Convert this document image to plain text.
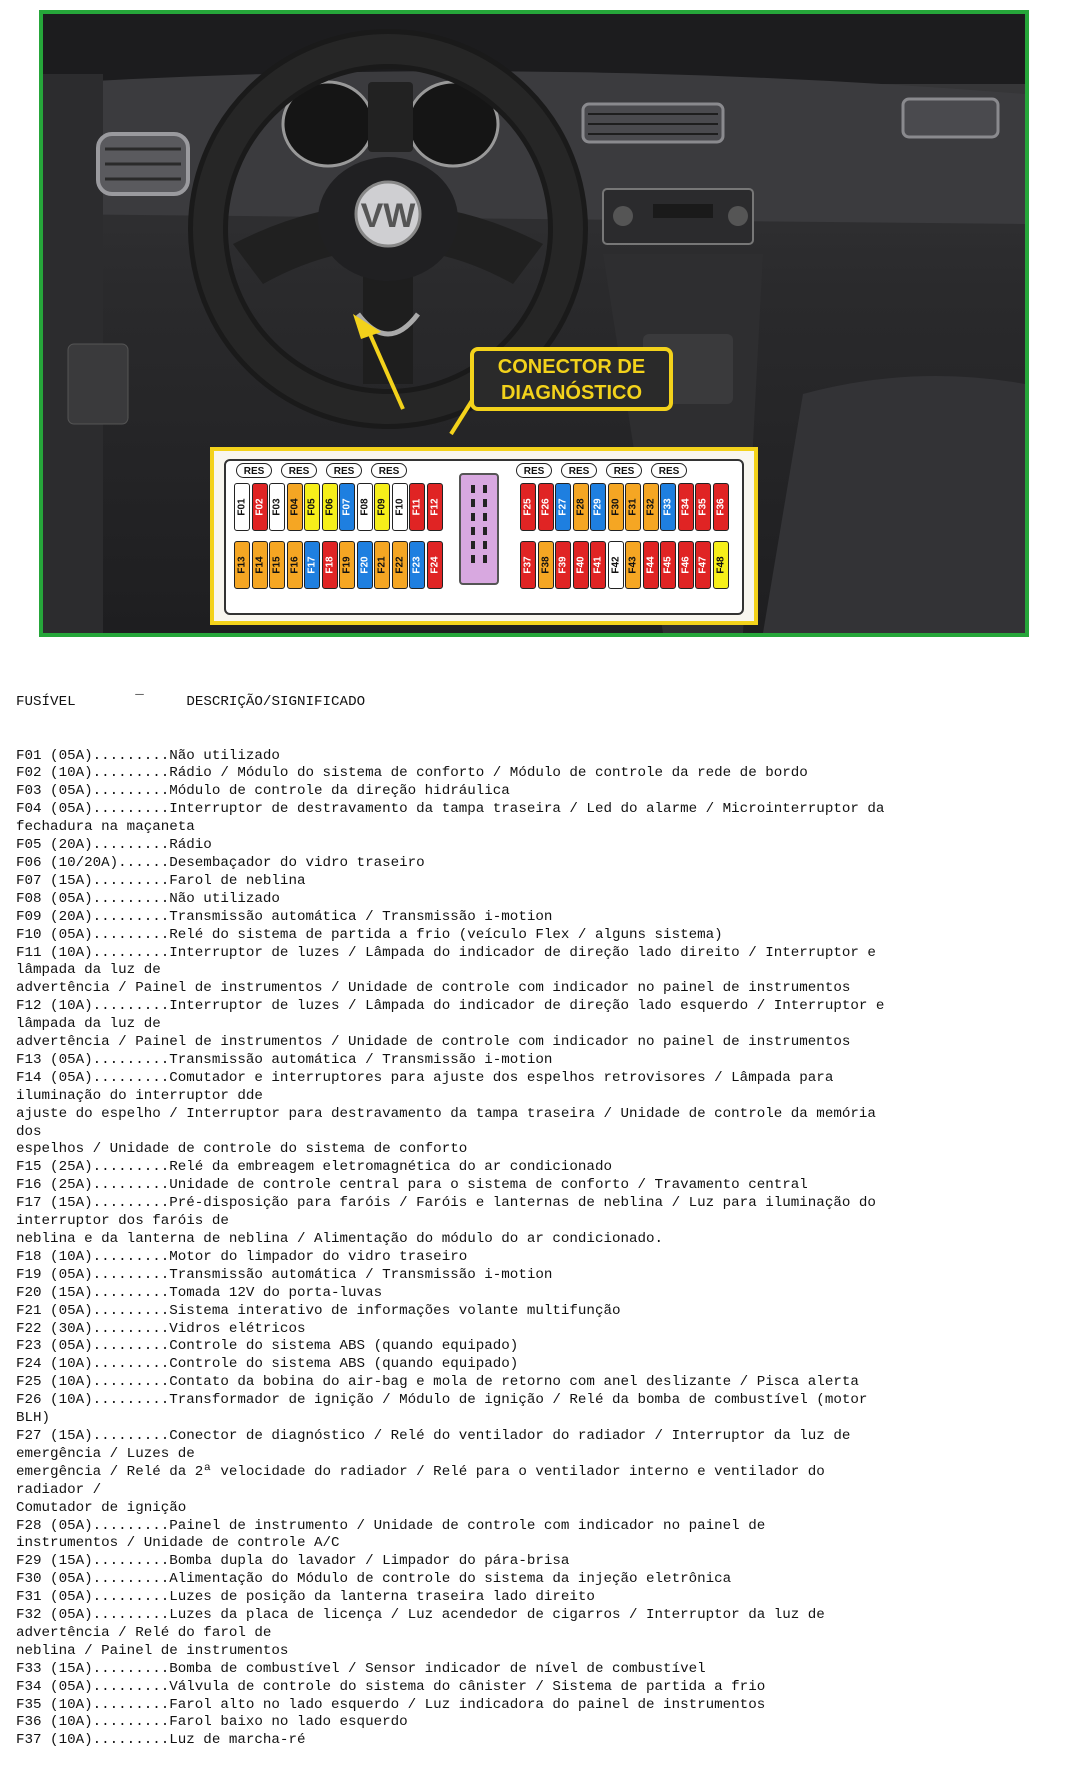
VW
CONECTOR DE
DIAGNÓSTICO
RES	RES	RES	RES	RES	RES	RES	RES
F01 F02 F03 F04 F05 F06 F07 F08 F09 F10 F11 F12
F13 F14 F15 F16 F17 F18 F19 F20 F21 F22 F23 F24
F25 F26 F27 F28 F29 F30 F31 F32 F33 F34 F35 F36
F37 F38 F39 F40 F41 F42 F43 F44 F45 F46 F47 F48

FUSÍVEL	¯	DESCRIÇÃO/SIGNIFICADO

F01 (05A).........Não utilizado
F02 (10A).........Rádio / Módulo do sistema de conforto / Módulo de controle da rede de bordo
F03 (05A).........Módulo de controle da direção hidráulica
F04 (05A).........Interruptor de destravamento da tampa traseira / Led do alarme / Microinterruptor da
fechadura na maçaneta
F05 (20A).........Rádio
F06 (10/20A)......Desembaçador do vidro traseiro
F07 (15A).........Farol de neblina
F08 (05A).........Não utilizado
F09 (20A).........Transmissão automática / Transmissão i-motion
F10 (05A).........Relé do sistema de partida a frio (veículo Flex / alguns sistema)
F11 (10A).........Interruptor de luzes / Lâmpada do indicador de direção lado direito / Interruptor e
lâmpada da luz de
advertência / Painel de instrumentos / Unidade de controle com indicador no painel de instrumentos
F12 (10A).........Interruptor de luzes / Lâmpada do indicador de direção lado esquerdo / Interruptor e
lâmpada da luz de
advertência / Painel de instrumentos / Unidade de controle com indicador no painel de instrumentos
F13 (05A).........Transmissão automática / Transmissão i-motion
F14 (05A).........Comutador e interruptores para ajuste dos espelhos retrovisores / Lâmpada para
iluminação do interruptor dde
ajuste do espelho / Interruptor para destravamento da tampa traseira / Unidade de controle da memória
dos
espelhos / Unidade de controle do sistema de conforto
F15 (25A).........Relé da embreagem eletromagnética do ar condicionado
F16 (25A).........Unidade de controle central para o sistema de conforto / Travamento central
F17 (15A).........Pré-disposição para faróis / Faróis e lanternas de neblina / Luz para iluminação do
interruptor dos faróis de
neblina e da lanterna de neblina / Alimentação do módulo do ar condicionado.
F18 (10A).........Motor do limpador do vidro traseiro
F19 (05A).........Transmissão automática / Transmissão i-motion
F20 (15A).........Tomada 12V do porta-luvas
F21 (05A).........Sistema interativo de informações volante multifunção
F22 (30A).........Vidros elétricos
F23 (05A).........Controle do sistema ABS (quando equipado)
F24 (10A).........Controle do sistema ABS (quando equipado)
F25 (10A).........Contato da bobina do air-bag e mola de retorno com anel deslizante / Pisca alerta
F26 (10A).........Transformador de ignição / Módulo de ignição / Relé da bomba de combustível (motor
BLH)
F27 (15A).........Conector de diagnóstico / Relé do ventilador do radiador / Interruptor da luz de
emergência / Luzes de
emergência / Relé da 2ª velocidade do radiador / Relé para o ventilador interno e ventilador do
radiador /
Comutador de ignição
F28 (05A).........Painel de instrumento / Unidade de controle com indicador no painel de
instrumentos / Unidade de controle A/C
F29 (15A).........Bomba dupla do lavador / Limpador do pára-brisa
F30 (05A).........Alimentação do Módulo de controle do sistema da injeção eletrônica
F31 (05A).........Luzes de posição da lanterna traseira lado direito
F32 (05A).........Luzes da placa de licença / Luz acendedor de cigarros / Interruptor da luz de
advertência / Relé do farol de
neblina / Painel de instrumentos
F33 (15A).........Bomba de combustível / Sensor indicador de nível de combustível
F34 (05A).........Válvula de controle do sistema do cânister / Sistema de partida a frio
F35 (10A).........Farol alto no lado esquerdo / Luz indicadora do painel de instrumentos
F36 (10A).........Farol baixo no lado esquerdo
F37 (10A).........Luz de marcha-ré
